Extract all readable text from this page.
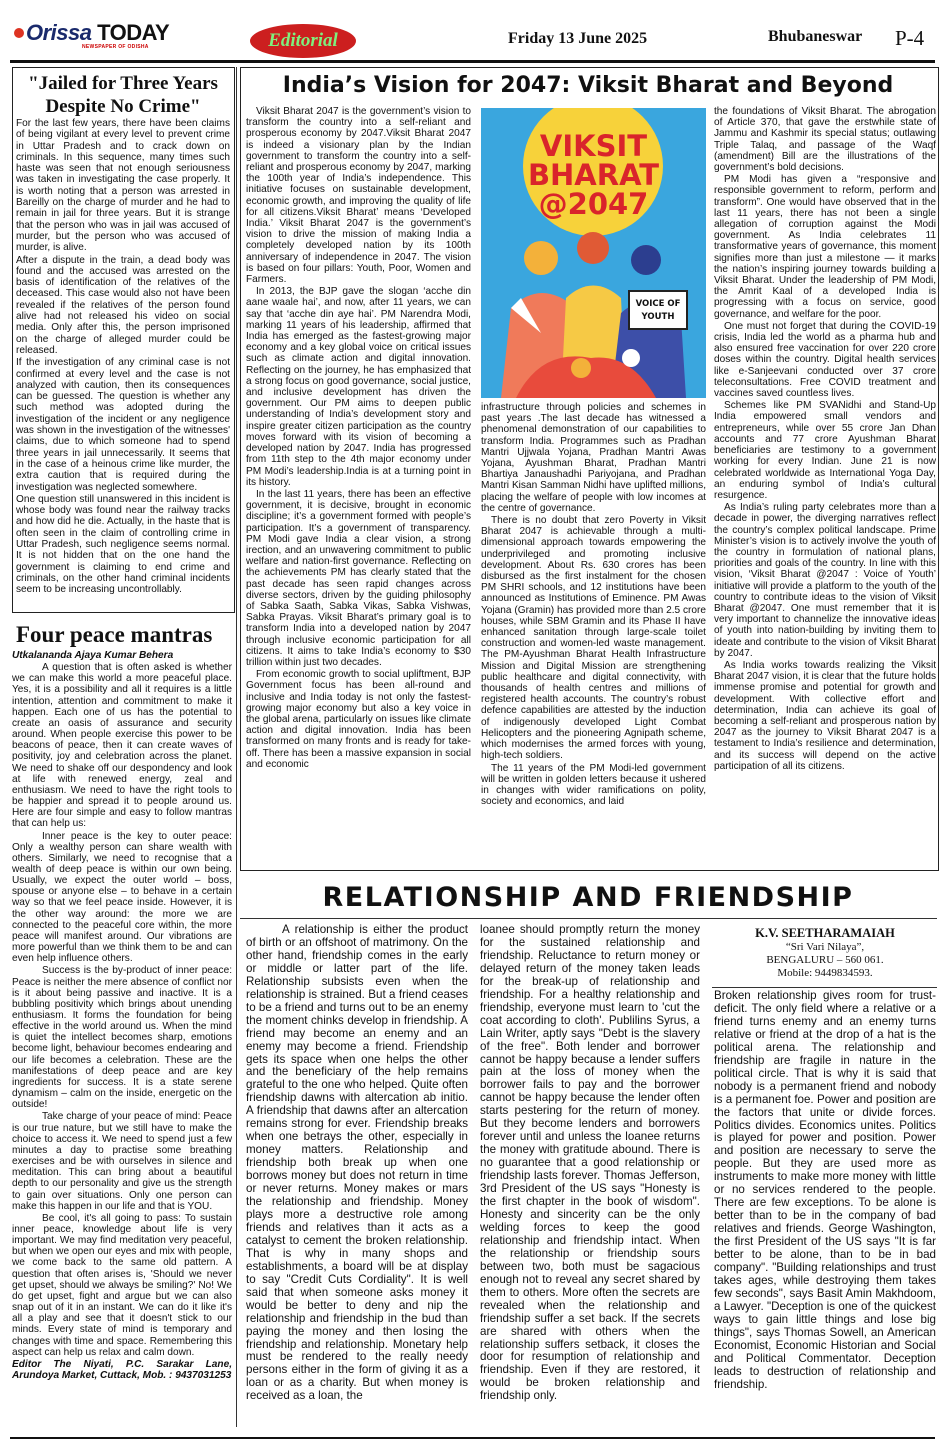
Orissa TODAY
NEWSPAPER OF ODISHA	Editorial	Friday 13 June 2025	Bhubaneswar P-4
"Jailed for Three Years Despite No Crime"

For the last few years, there have been claims of being vigilant at every level to prevent crime in Uttar Pradesh and to crack down on criminals. In this sequence, many times such haste was seen that not enough seriousness was taken in investigating the case properly. It is worth noting that a person was arrested in Bareilly on the charge of murder and he had to remain in jail for three years. But it is strange that the person who was in jail was accused of murder, but the person who was accused of murder, is alive.

After a dispute in the train, a dead body was found and the accused was arrested on the basis of identification of the relatives of the deceased. This case would also not have been revealed if the relatives of the person found alive had not released his video on social media. Only after this, the person imprisoned on the charge of alleged murder could be released.

If the investigation of any criminal case is not confirmed at every level and the case is not analyzed with caution, then its consequences can be guessed. The question is whether any such method was adopted during the investigation of the incident or any negligence was shown in the investigation of the witnesses' claims, due to which someone had to spend three years in jail unnecessarily. It seems that in the case of a heinous crime like murder, the extra caution that is required during the investigation was neglected somewhere.

One question still unanswered in this incident is whose body was found near the railway tracks and how did he die. Actually, in the haste that is often seen in the claim of controlling crime in Uttar Pradesh, such negligence seems normal. It is not hidden that on the one hand the government is claiming to end crime and criminals, on the other hand criminal incidents seem to be increasing uncontrollably.

Four peace mantras

Utkalananda Ajaya Kumar Behera

A question that is often asked is whether we can make this world a more peaceful place. Yes, it is a possibility and all it requires is a little intention, attention and commitment to make it happen. Each one of us has the potential to create an oasis of assurance and security around. When people exercise this power to be beacons of peace, then it can create waves of positivity, joy and celebration across the planet. We need to shake off our despondency and look at life with renewed energy, zeal and enthusiasm. We need to have the right tools to be happier and spread it to people around us. Here are four simple and easy to follow mantras that can help us:

Inner peace is the key to outer peace: Only a wealthy person can share wealth with others. Similarly, we need to recognise that a wealth of deep peace is within our own being. Usually, we expect the outer world – boss, spouse or anyone else – to behave in a certain way so that we feel peace inside. However, it is the other way around: the more we are connected to the peaceful core within, the more peace will manifest around. Our vibrations are more powerful than we think them to be and can even help influence others.

Success is the by-product of inner peace: Peace is neither the mere absence of conflict nor is it about being passive and inactive. It is a bubbling positivity which brings about unending enthusiasm. It forms the foundation for being effective in the world around us. When the mind is quiet the intellect becomes sharp, emotions become light, behaviour becomes endearing and our life becomes a celebration. These are the manifestations of deep peace and are key ingredients for success. It is a state serene dynamism – calm on the inside, energetic on the outside!

Take charge of your peace of mind: Peace is our true nature, but we still have to make the choice to access it. We need to spend just a few minutes a day to practise some breathing exercises and be with ourselves in silence and meditation. This can bring about a beautiful depth to our personality and give us the strength to gain over situations. Only one person can make this happen in our life and that is YOU.

Be cool, it's all going to pass: To sustain inner peace, knowledge about life is very important. We may find meditation very peaceful, but when we open our eyes and mix with people, we come back to the same old pattern. A question that often arises is, 'Should we never get upset, should we always be smiling?' No! We do get upset, fight and argue but we can also snap out of it in an instant. We can do it like it's all a play and see that it doesn't stick to our minds. Every state of mind is temporary and changes with time and space. Remembering this aspect can help us relax and calm down.

Editor The Niyati, P.C. Sarakar Lane, Arundoya Market, Cuttack, Mob. : 9437031253

India’s Vision for 2047: Viksit Bharat and Beyond

Viksit Bharat 2047 is the government’s vision to transform the country into a self-reliant and prosperous economy by 2047.Viksit Bharat 2047 is indeed a visionary plan by the Indian government to transform the country into a self-reliant and prosperous economy by 2047, marking the 100th year of India’s independence. This initiative focuses on sustainable development, economic growth, and improving the quality of life for all citizens.Viksit Bharat’ means ‘Developed India.’ Viksit Bharat 2047 is the government’s vision to drive the mission of making India a completely developed nation by its 100th anniversary of independence in 2047. The vision is based on four pillars: Youth, Poor, Women and Farmers.

In 2013, the BJP gave the slogan ‘acche din aane waale hai’, and now, after 11 years, we can say that ‘acche din aye hai’. PM Narendra Modi, marking 11 years of his leadership, affirmed that India has emerged as the fastest-growing major economy and a key global voice on critical issues such as climate action and digital innovation. Reflecting on the journey, he has emphasized that a strong focus on good governance, social justice, and inclusive development has driven the government. Our PM aims to deepen public understanding of India’s development story and inspire greater citizen participation as the country moves forward with its vision of becoming a developed nation by 2047. India has progressed from 11th step to the 4th major economy under PM Modi’s leadership.India is at a turning point in its history.

In the last 11 years, there has been an effective government, it is decisive, brought in economic discipline; it’s a government formed with people’s participation. It’s a government of transparency. PM Modi gave India a clear vision, a strong irection, and an unwavering commitment to public welfare and nation-first governance. Reflecting on the achievements PM has clearly stated that the past decade has seen rapid changes across diverse sectors, driven by the guiding philosophy of Sabka Saath, Sabka Vikas, Sabka Vishwas, Sabka Prayas. Viksit Bharat’s primary goal is to transform India into a developed nation by 2047 through inclusive economic participation for all citizens. It aims to take India’s economy to $30 trillion within just two decades.

From economic growth to social upliftment, BJP Government focus has been all-round and inclusive and India today is not only the fastest-growing major economy but also a key voice in the global arena, particularly on issues like climate action and digital innovation. India has been transformed on many fronts and is ready for take-off. There has been a massive expansion in social and economic

VIKSIT
BHARAT
@2047
VOICE OF YOUTH

infrastructure through policies and schemes in past years .The last decade has witnessed a phenomenal demonstration of our capabilities to transform India. Programmes such as Pradhan Mantri Ujjwala Yojana, Pradhan Mantri Awas Yojana, Ayushman Bharat, Pradhan Mantri Bhartiya Janaushadhi Pariyojana, and Pradhan Mantri Kisan Samman Nidhi have uplifted millions, placing the welfare of people with low incomes at the centre of governance.

There is no doubt that zero Poverty in Viksit Bharat 2047 is achievable through a multi-dimensional approach towards empowering the underprivileged and promoting inclusive development. About Rs. 630 crores has been disbursed as the first instalment for the chosen PM SHRI schools, and 12 institutions have been announced as Institutions of Eminence. PM Awas Yojana (Gramin) has provided more than 2.5 crore houses, while SBM Gramin and its Phase II have enhanced sanitation through large-scale toilet construction and women-led waste management. The PM-Ayushman Bharat Health Infrastructure Mission and Digital Mission are strengthening public healthcare and digital connectivity, with thousands of health centres and millions of registered health accounts. The country’s robust defence capabilities are attested by the induction of indigenously developed Light Combat Helicopters and the pioneering Agnipath scheme, which modernises the armed forces with young, high-tech soldiers.

The 11 years of the PM Modi-led government will be written in golden letters because it ushered in changes with wider ramifications on polity, society and economics, and laid

the foundations of Viksit Bharat. The abrogation of Article 370, that gave the erstwhile state of Jammu and Kashmir its special status; outlawing Triple Talaq, and passage of the Waqf (amendment) Bill are the illustrations of the government’s bold decisions.

PM Modi has given a “responsive and responsible government to reform, perform and transform”. One would have observed that in the last 11 years, there has not been a single allegation of corruption against the Modi government. As India celebrates 11 transformative years of governance, this moment signifies more than just a milestone — it marks the nation’s inspiring journey towards building a Viksit Bharat. Under the leadership of PM Modi, the Amrit Kaal of a developed India is progressing with a focus on service, good governance, and welfare for the poor.

One must not forget that during the COVID-19 crisis, India led the world as a pharma hub and also ensured free vaccination for over 220 crore doses within the country. Digital health services like e-Sanjeevani conducted over 37 crore teleconsultations. Free COVID treatment and vaccines saved countless lives.

Schemes like PM SVANidhi and Stand-Up India empowered small vendors and entrepreneurs, while over 55 crore Jan Dhan accounts and 77 crore Ayushman Bharat beneficiaries are testimony to a government working for every Indian. June 21 is now celebrated worldwide as International Yoga Day, an enduring symbol of India’s cultural resurgence.

As India’s ruling party celebrates more than a decade in power, the diverging narratives reflect the country’s complex political landscape. Prime Minister’s vision is to actively involve the youth of the country in formulation of national plans, priorities and goals of the country. In line with this vision, ‘Viksit Bharat @2047 : Voice of Youth’ initiative will provide a platform to the youth of the country to contribute ideas to the vision of Viksit Bharat @2047. One must remember that it is very important to channelize the innovative ideas of youth into nation-building by inviting them to ideate and contribute to the vision of Viksit Bharat by 2047.

As India works towards realizing the Viksit Bharat 2047 vision, it is clear that the future holds immense promise and potential for growth and development. With collective effort and determination, India can achieve its goal of becoming a self-reliant and prosperous nation by 2047 as the journey to Viksit Bharat 2047 is a testament to India’s resilience and determination, and its success will depend on the active participation of all its citizens.

RELATIONSHIP AND FRIENDSHIP

A relationship is either the product of birth or an offshoot of matrimony. On the other hand, friendship comes in the early or middle or latter part of the life. Relationship subsists even when the relationship is strained. But a friend ceases to be a friend and turns out to be an enemy the moment chinks develop in friendship. A friend may become an enemy and an enemy may become a friend. Friendship gets its space when one helps the other and the beneficiary of the help remains grateful to the one who helped. Quite often friendship dawns with altercation ab initio. A friendship that dawns after an altercation remains strong for ever. Friendship breaks when one betrays the other, especially in money matters. Relationship and friendship both break up when one borrows money but does not return in time or never returns. Money makes or mars the relationship and friendship. Money plays more a destructive role among friends and relatives than it acts as a catalyst to cement the broken relationship. That is why in many shops and establishments, a board will be at display to say "Credit Cuts Cordiality". It is well said that when someone asks money it would be better to deny and nip the relationship and friendship in the bud than paying the money and then losing the friendship and relationship. Monetary help must be rendered to the really needy persons either in the form of giving it as a loan or as a charity. But when money is received as a loan, the

loanee should promptly return the money for the sustained relationship and friendship. Reluctance to return money or delayed return of the money taken leads for the break-up of relationship and friendship. For a healthy relationship and friendship, everyone must learn to 'cut the coat according to cloth'. Publilins Syrus, a Lain Writer, aptly says "Debt is the slavery of the free". Both lender and borrower cannot be happy because a lender suffers pain at the loss of money when the borrower fails to pay and the borrower cannot be happy because the lender often starts pestering for the return of money. But they become lenders and borrowers forever until and unless the loanee returns the money with gratitude abound. There is no guarantee that a good relationship or friendship lasts forever. Thomas Jefferson, 3rd President of the US says "Honesty is the first chapter in the book of wisdom". Honesty and sincerity can be the only welding forces to keep the good relationship and friendship intact. When the relationship or friendship sours between two, both must be sagacious enough not to reveal any secret shared by them to others. More often the secrets are revealed when the relationship and friendship suffer a set back. If the secrets are shared with others when the relationship suffers setback, it closes the door for resumption of relationship and friendship. Even if they are restored, it would be broken relationship and friendship only.

K.V. SEETHARAMAIAH
“Sri Vari Nilaya”,
BENGALURU – 560 061.
Mobile: 9449834593.

Broken relationship gives room for trust-deficit. The only field where a relative or a friend turns enemy and an enemy turns relative or friend at the drop of a hat is the political arena. The relationship and friendship are fragile in nature in the political circle. That is why it is said that nobody is a permanent friend and nobody is a permanent foe. Power and position are the factors that unite or divide forces. Politics divides. Economics unites. Politics is played for power and position. Power and position are necessary to serve the people. But they are used more as instruments to make more money with little or no services rendered to the people. There are few exceptions. To be alone is better than to be in the company of bad relatives and friends. George Washington, the first President of the US says "It is far better to be alone, than to be in bad company". "Building relationships and trust takes ages, while destroying them takes few seconds", says Basit Amin Makhdoom, a Lawyer. "Deception is one of the quickest ways to gain little things and lose big things", says Thomas Sowell, an American Economist, Economic Historian and Social and Political Commentator. Deception leads to destruction of relationship and friendship.
